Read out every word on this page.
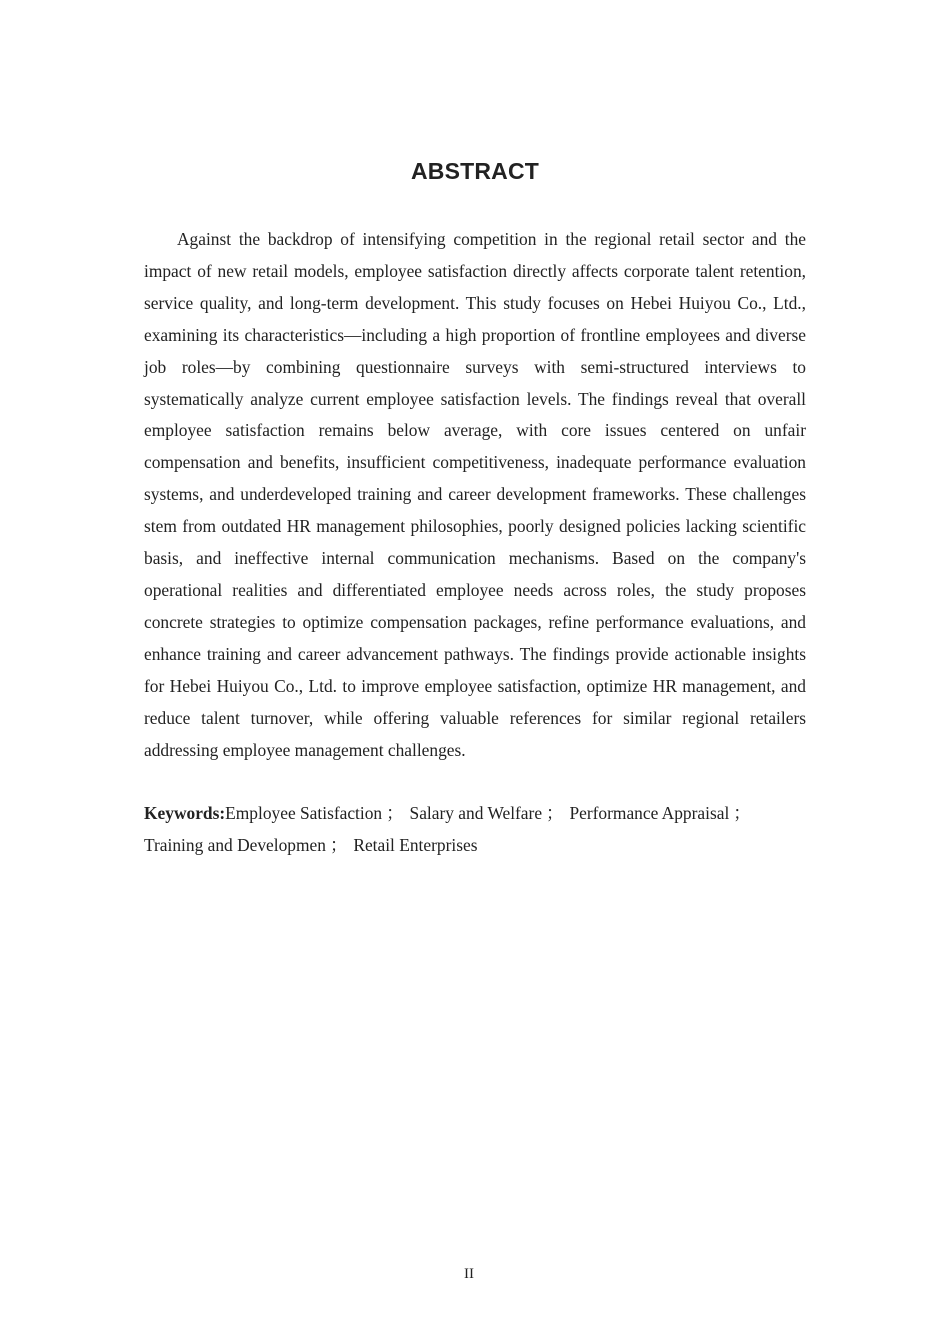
ABSTRACT

Against the backdrop of intensifying competition in the regional retail sector and the impact of new retail models, employee satisfaction directly affects corporate talent retention, service quality, and long-term development. This study focuses on Hebei Huiyou Co., Ltd., examining its characteristics—including a high proportion of frontline employees and diverse job roles—by combining questionnaire surveys with semi-structured interviews to systematically analyze current employee satisfaction levels. The findings reveal that overall employee satisfaction remains below average, with core issues centered on unfair compensation and benefits, insufficient competitiveness, inadequate performance evaluation systems, and underdeveloped training and career development frameworks. These challenges stem from outdated HR management philosophies, poorly designed policies lacking scientific basis, and ineffective internal communication mechanisms. Based on the company's operational realities and differentiated employee needs across roles, the study proposes concrete strategies to optimize compensation packages, refine performance evaluations, and enhance training and career advancement pathways. The findings provide actionable insights for Hebei Huiyou Co., Ltd. to improve employee satisfaction, optimize HR management, and reduce talent turnover, while offering valuable references for similar regional retailers addressing employee management challenges.

Keywords:Employee Satisfaction ； Salary and Welfare ； Performance Appraisal ；Training and Developmen ； Retail Enterprises

II
